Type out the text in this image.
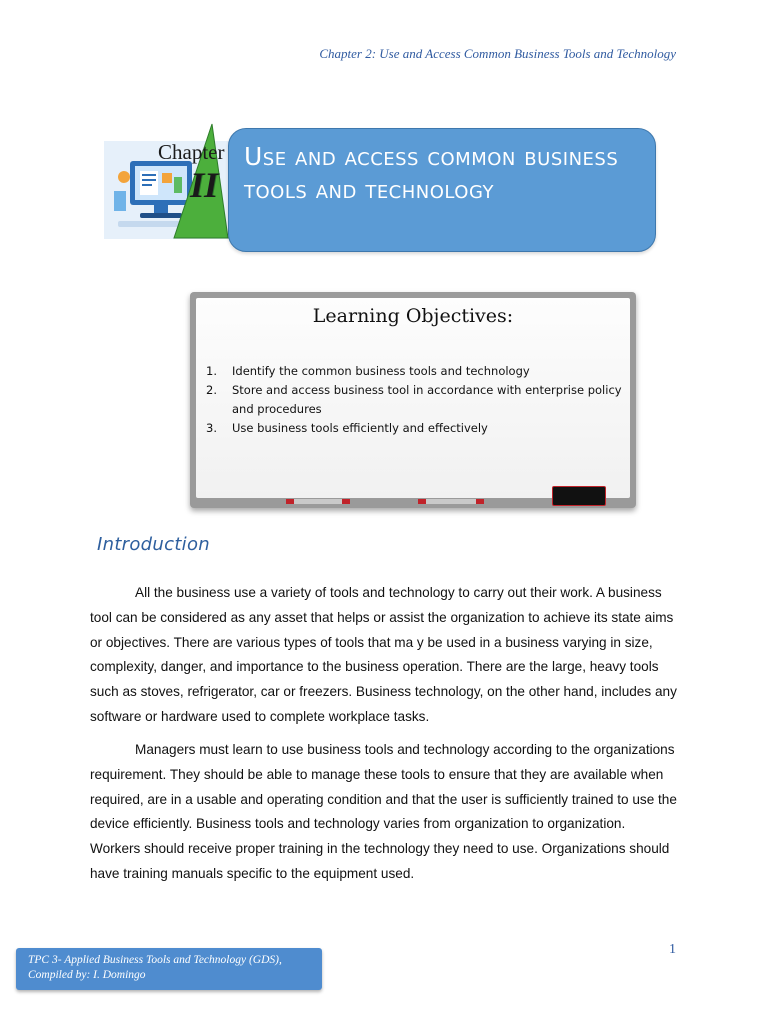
Chapter 2: Use and Access Common Business Tools and Technology
Chapter
II
Use and access common business tools and technology
Learning Objectives:
1.	Identify the common business tools and technology
2.	Store and access business tool in accordance with enterprise policy and procedures
3.	Use business tools efficiently and effectively
Introduction

All the business use a variety of tools and technology to carry out their work. A business tool can be considered as any asset that helps or assist the organization to achieve its state aims or objectives. There are various types of tools that ma y be used in a business varying in size, complexity, danger, and importance to the business operation. There are the large, heavy tools such as stoves, refrigerator, car or freezers. Business technology, on the other hand, includes any software or hardware used to complete workplace tasks.

Managers must learn to use business tools and technology according to the organizations requirement. They should be able to manage these tools to ensure that they are available when required, are in a usable and operating condition and that the user is sufficiently trained to use the device efficiently. Business tools and technology varies from organization to organization. Workers should receive proper training in the technology they need to use. Organizations should have training manuals specific to the equipment used.

TPC 3- Applied Business Tools and Technology (GDS),
Compiled by: I. Domingo
1
